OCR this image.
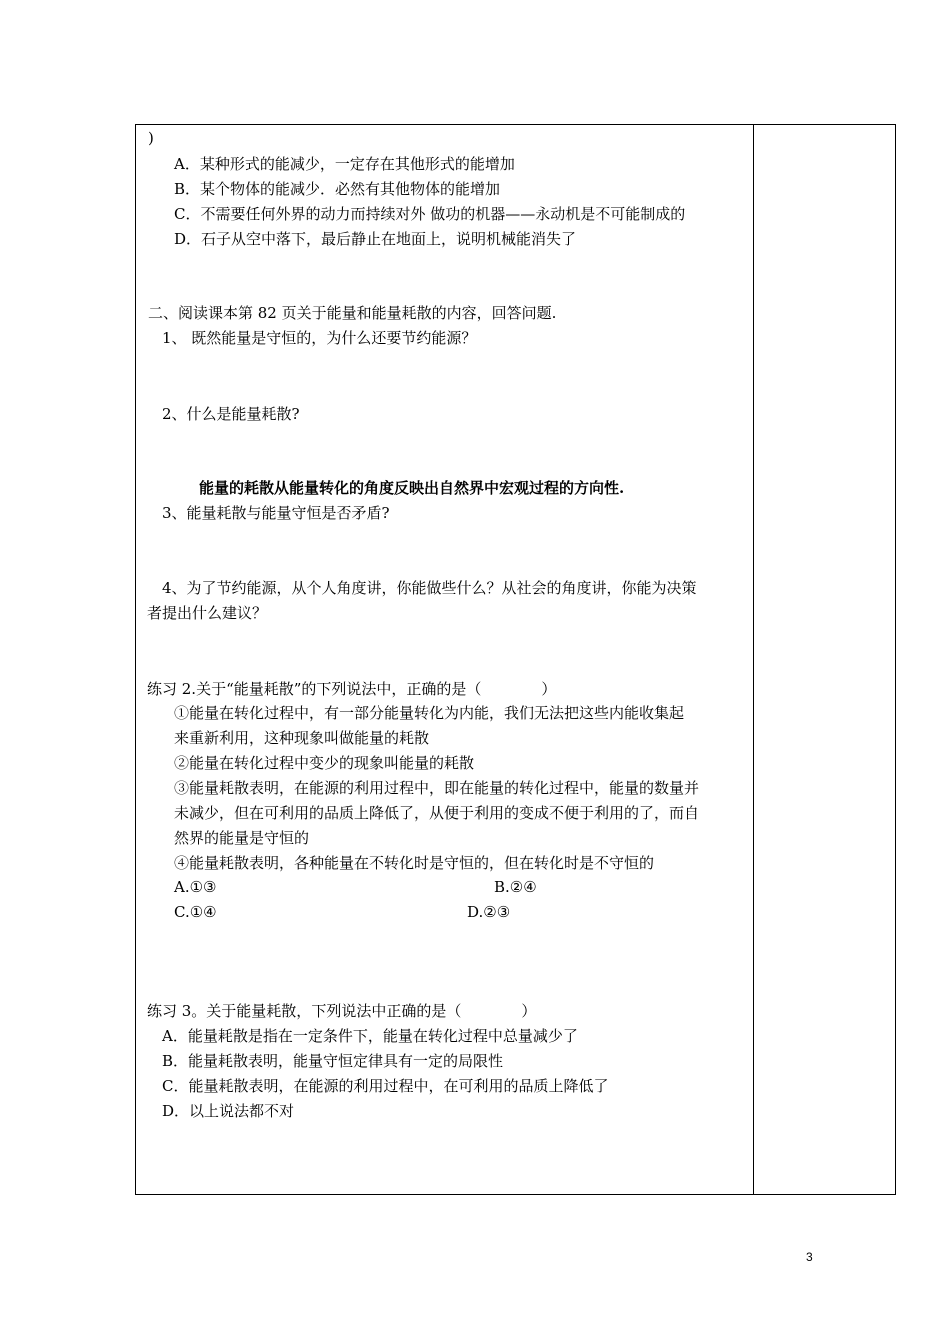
)
A．某种形式的能减少，一定存在其他形式的能增加
B．某个物体的能减少．必然有其他物体的能增加
C．不需要任何外界的动力而持续对外 做功的机器——永动机是不可能制成的
D．石子从空中落下，最后静止在地面上，说明机械能消失了
二、阅读课本第 82 页关于能量和能量耗散的内容，回答问题.
1、 既然能量是守恒的，为什么还要节约能源？
2、什么是能量耗散?
能量的耗散从能量转化的角度反映出自然界中宏观过程的方向性.
3、能量耗散与能量守恒是否矛盾?
4、为了节约能源，从个人角度讲，你能做些什么？从社会的角度讲，你能为决策
者提出什么建议？
练习 2.关于“能量耗散”的下列说法中，正确的是（　　　　）
①能量在转化过程中，有一部分能量转化为内能，我们无法把这些内能收集起
来重新利用，这种现象叫做能量的耗散
②能量在转化过程中变少的现象叫能量的耗散
③能量耗散表明，在能源的利用过程中，即在能量的转化过程中，能量的数量并
未减少，但在可利用的品质上降低了，从便于利用的变成不便于利用的了，而自
然界的能量是守恒的
④能量耗散表明，各种能量在不转化时是守恒的，但在转化时是不守恒的
A.①③	B.②④
C.①④	D.②③
练习 3。关于能量耗散，下列说法中正确的是（　　　　）
A．能量耗散是指在一定条件下，能量在转化过程中总量减少了
B．能量耗散表明，能量守恒定律具有一定的局限性
C．能量耗散表明，在能源的利用过程中，在可利用的品质上降低了
D．以上说法都不对
3
